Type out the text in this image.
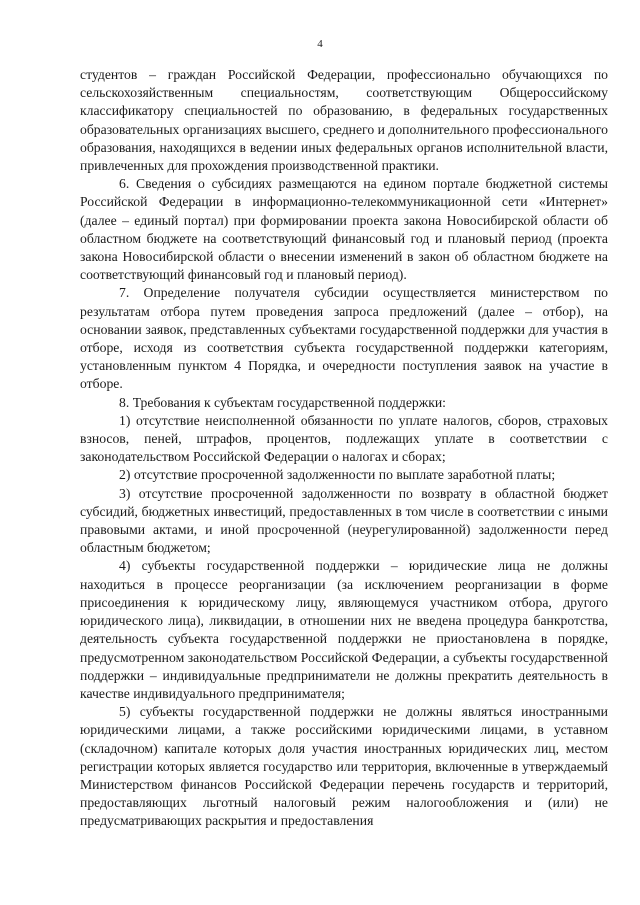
4

студентов – граждан Российской Федерации, профессионально обучающихся по сельскохозяйственным специальностям, соответствующим Общероссийскому классификатору специальностей по образованию, в федеральных государственных образовательных организациях высшего, среднего и дополнительного профессионального образования, находящихся в ведении иных федеральных органов исполнительной власти, привлеченных для прохождения производственной практики.

6. Сведения о субсидиях размещаются на едином портале бюджетной системы Российской Федерации в информационно-телекоммуникационной сети «Интернет» (далее – единый портал) при формировании проекта закона Новосибирской области об областном бюджете на соответствующий финансовый год и плановый период (проекта закона Новосибирской области о внесении изменений в закон об областном бюджете на соответствующий финансовый год и плановый период).

7. Определение получателя субсидии осуществляется министерством по результатам отбора путем проведения запроса предложений (далее – отбор), на основании заявок, представленных субъектами государственной поддержки для участия в отборе, исходя из соответствия субъекта государственной поддержки категориям, установленным пунктом 4 Порядка, и очередности поступления заявок на участие в отборе.

8. Требования к субъектам государственной поддержки:

1) отсутствие неисполненной обязанности по уплате налогов, сборов, страховых взносов, пеней, штрафов, процентов, подлежащих уплате в соответствии с законодательством Российской Федерации о налогах и сборах;

2) отсутствие просроченной задолженности по выплате заработной платы;

3) отсутствие просроченной задолженности по возврату в областной бюджет субсидий, бюджетных инвестиций, предоставленных в том числе в соответствии с иными правовыми актами, и иной просроченной (неурегулированной) задолженности перед областным бюджетом;

4) субъекты государственной поддержки – юридические лица не должны находиться в процессе реорганизации (за исключением реорганизации в форме присоединения к юридическому лицу, являющемуся участником отбора, другого юридического лица), ликвидации, в отношении них не введена процедура банкротства, деятельность субъекта государственной поддержки не приостановлена в порядке, предусмотренном законодательством Российской Федерации, а субъекты государственной поддержки – индивидуальные предприниматели не должны прекратить деятельность в качестве индивидуального предпринимателя;

5) субъекты государственной поддержки не должны являться иностранными юридическими лицами, а также российскими юридическими лицами, в уставном (складочном) капитале которых доля участия иностранных юридических лиц, местом регистрации которых является государство или территория, включенные в утверждаемый Министерством финансов Российской Федерации перечень государств и территорий, предоставляющих льготный налоговый режим налогообложения и (или) не предусматривающих раскрытия и предоставления
